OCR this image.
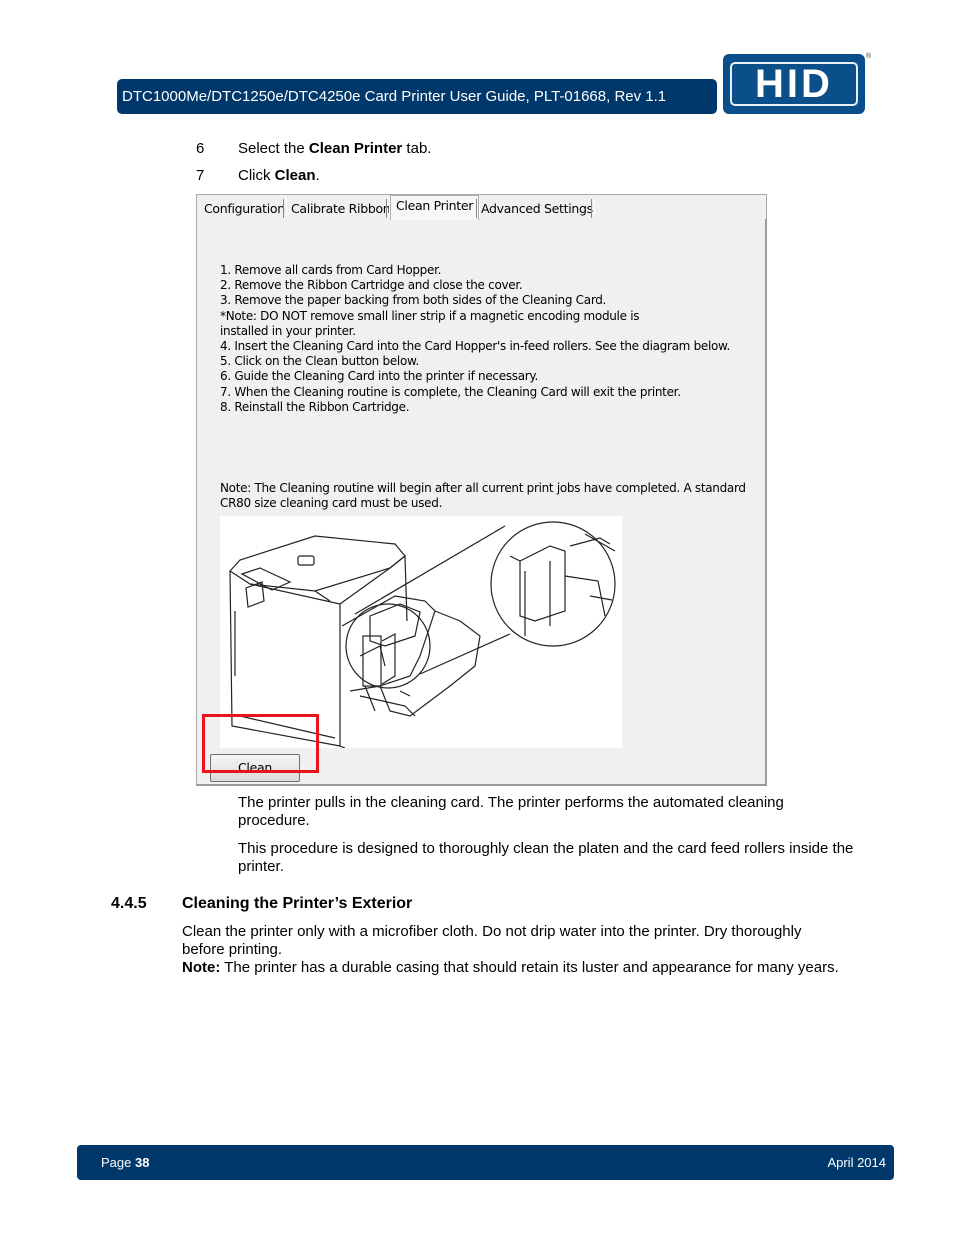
DTC1000Me/DTC1250e/DTC4250e Card Printer User Guide, PLT-01668, Rev 1.1	HID
®
6 Select the Clean Printer tab.
7 Click Clean.
Configuration Calibrate Ribbon Clean Printer Advanced Settings
1. Remove all cards from Card Hopper.
2. Remove the Ribbon Cartridge and close the cover.
3. Remove the paper backing from both sides of the Cleaning Card.
*Note: DO NOT remove small liner strip if a magnetic encoding module is
installed in your printer.
4. Insert the Cleaning Card into the Card Hopper's in-feed rollers. See the diagram below.
5. Click on the Clean button below.
6. Guide the Cleaning Card into the printer if necessary.
7. When the Cleaning routine is complete, the Cleaning Card will exit the printer.
8. Reinstall the Ribbon Cartridge.
Note: The Cleaning routine will begin after all current print jobs have completed. A standard
CR80 size cleaning card must be used.
Clean
The printer pulls in the cleaning card. The printer performs the automated cleaning procedure.
This procedure is designed to thoroughly clean the platen and the card feed rollers inside the printer.
4.4.5 Cleaning the Printer’s Exterior
Clean the printer only with a microfiber cloth. Do not drip water into the printer. Dry thoroughly before printing.
Note: The printer has a durable casing that should retain its luster and appearance for many years.
Page 38	April 2014
